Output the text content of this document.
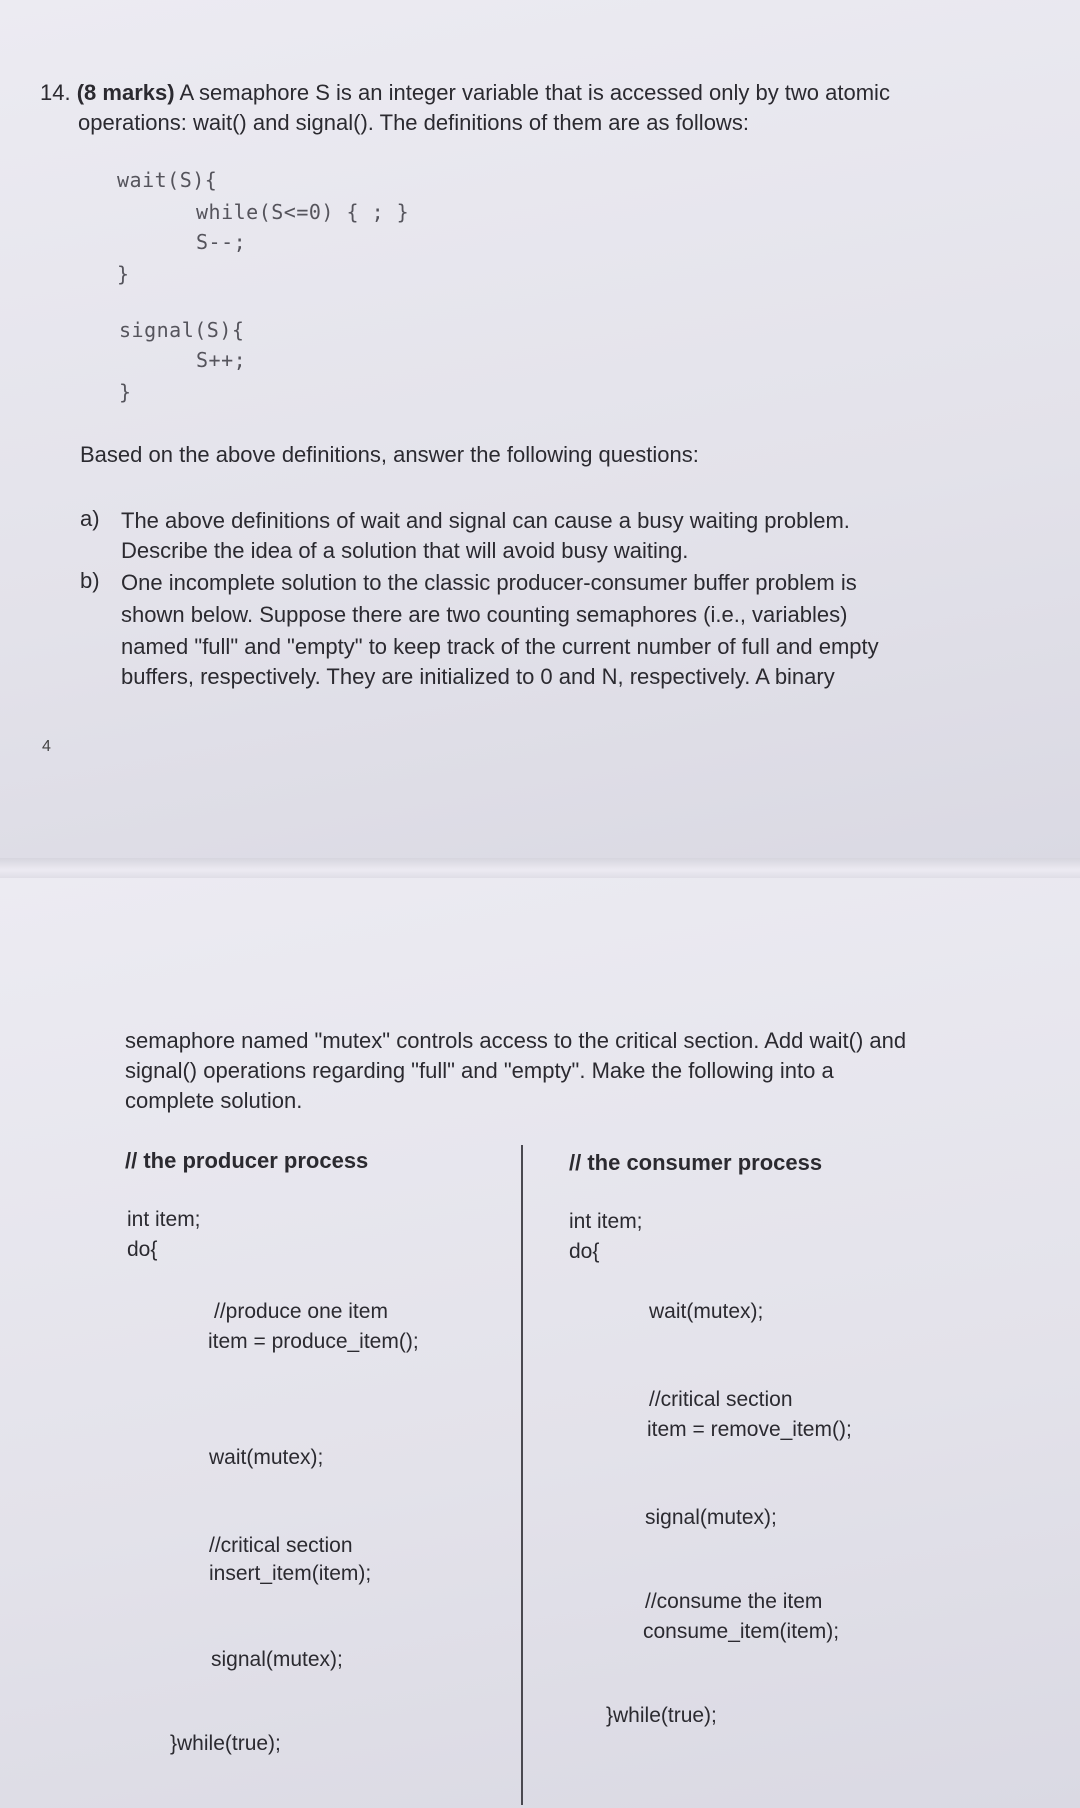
14. (8 marks) A semaphore S is an integer variable that is accessed only by two atomic
operations: wait() and signal(). The definitions of them are as follows:
wait(S){
while(S<=0) { ; }
S--;
}
signal(S){
S++;
}
Based on the above definitions, answer the following questions:
a) The above definitions of wait and signal can cause a busy waiting problem.
Describe the idea of a solution that will avoid busy waiting.
b) One incomplete solution to the classic producer-consumer buffer problem is
shown below. Suppose there are two counting semaphores (i.e., variables)
named "full" and "empty" to keep track of the current number of full and empty
buffers, respectively. They are initialized to 0 and N, respectively. A binary
4
semaphore named "mutex" controls access to the critical section. Add wait() and
signal() operations regarding "full" and "empty". Make the following into a
complete solution.
// the producer process
int item;
do{
//produce one item
item = produce_item();
wait(mutex);
//critical section
insert_item(item);
signal(mutex);
}while(true);
// the consumer process
int item;
do{
wait(mutex);
//critical section
item = remove_item();
signal(mutex);
//consume the item
consume_item(item);
}while(true);
